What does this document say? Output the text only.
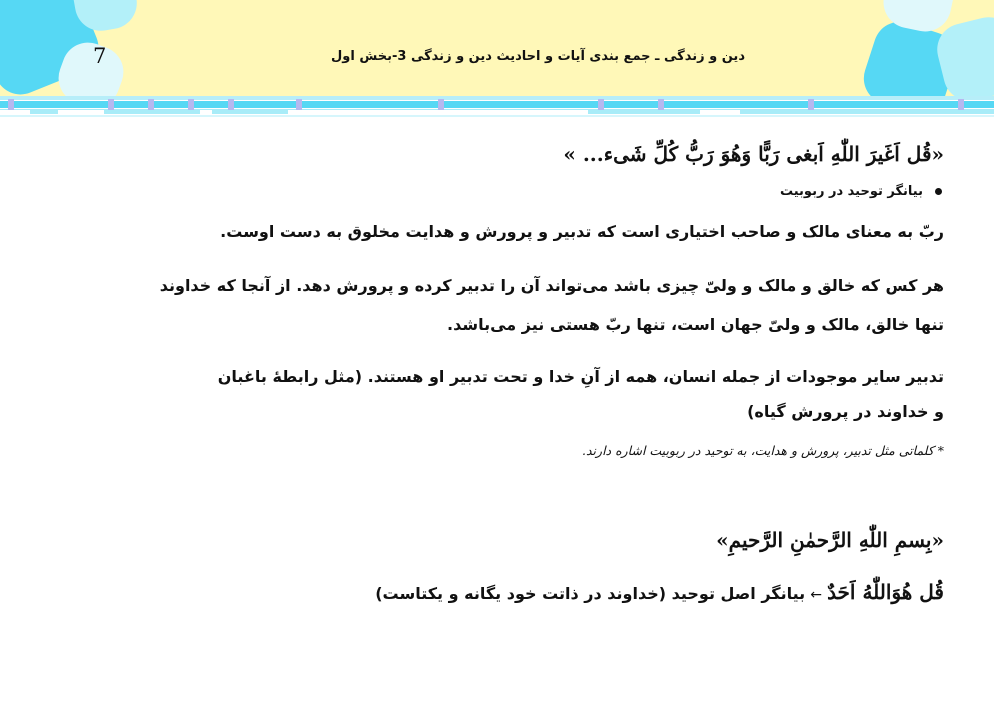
7	دین و زندگی ـ جمع بندی آیات و احادیث دین و زندگی 3-بخش اول
«قُل اَغَیرَ اللّٰهِ اَبغی رَبًّا وَهُوَ رَبُّ کُلِّ شَیء... »
بیانگر توحید در ربوبیت
ربّ به معنای مالک و صاحب اختیاری است که تدبیر و پرورش و هدایت مخلوق به دست اوست.
هر کس که خالق و مالک و ولیّ چیزی باشد می‌تواند آن را تدبیر کرده و پرورش دهد. از آنجا که خداوند
تنها خالق، مالک و ولیّ جهان است، تنها ربّ هستی نیز می‌باشد.
تدبیر سایر موجودات از جمله انسان، همه از آنِ خدا و تحت تدبیر او هستند. (مثل رابطهٔ باغبان
و خداوند در پرورش گیاه)
* کلماتی مثل تدبیر، پرورش و هدایت، به توحید در ربوبیت اشاره دارند.
«بِسمِ اللّٰهِ الرَّحمٰنِ الرَّحیمِ»
قُل هُوَاللّٰهُ اَحَدٌ ← بیانگر اصل توحید (خداوند در ذاتت خود یگانه و یکتاست)
